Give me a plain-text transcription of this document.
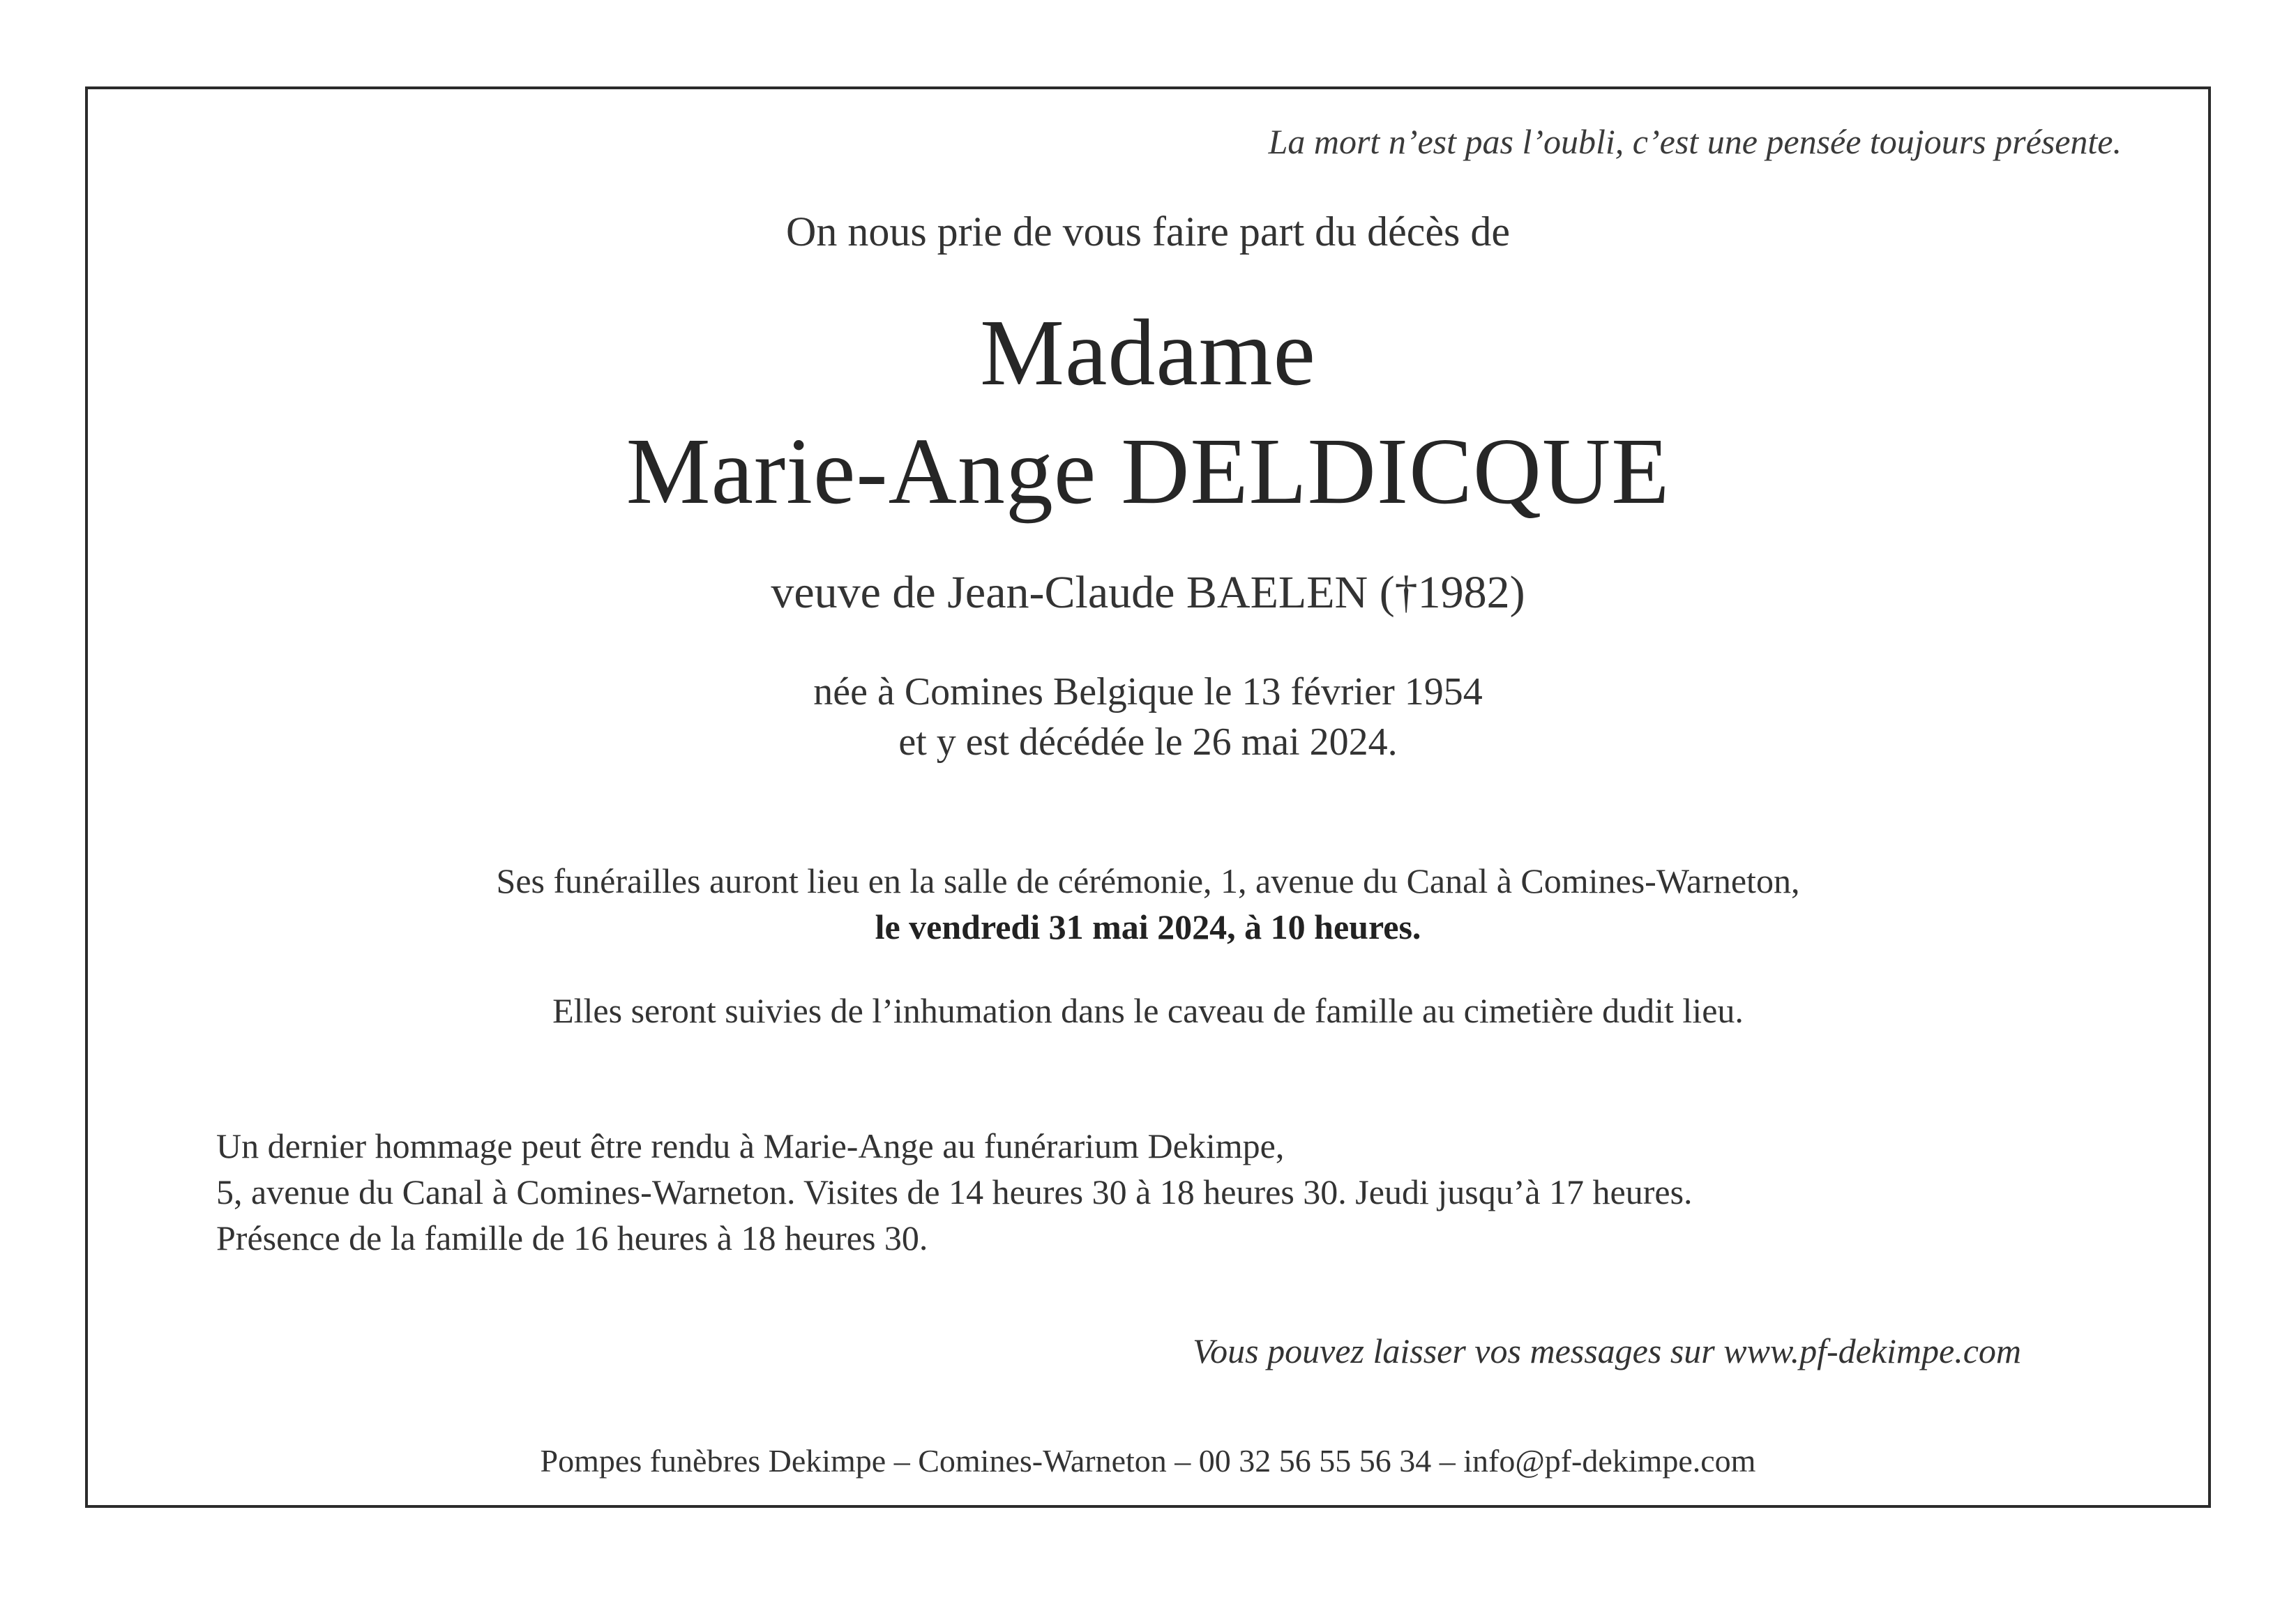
La mort n’est pas l’oubli, c’est une pensée toujours présente.

On nous prie de vous faire part du décès de

Madame

Marie-Ange DELDICQUE

veuve de Jean-Claude BAELEN (†1982)

née à Comines Belgique le 13 février 1954

et y est décédée le 26 mai 2024.

Ses funérailles auront lieu en la salle de cérémonie, 1, avenue du Canal à Comines-Warneton,

le vendredi 31 mai 2024, à 10 heures.

Elles seront suivies de l’inhumation dans le caveau de famille au cimetière dudit lieu.

Un dernier hommage peut être rendu à Marie-Ange au funérarium Dekimpe,

5, avenue du Canal à Comines-Warneton. Visites de 14 heures 30 à 18 heures 30. Jeudi jusqu’à 17 heures.

Présence de la famille de 16 heures à 18 heures 30.

Vous pouvez laisser vos messages sur www.pf-dekimpe.com

Pompes funèbres Dekimpe – Comines-Warneton – 00 32 56 55 56 34 – info@pf-dekimpe.com
